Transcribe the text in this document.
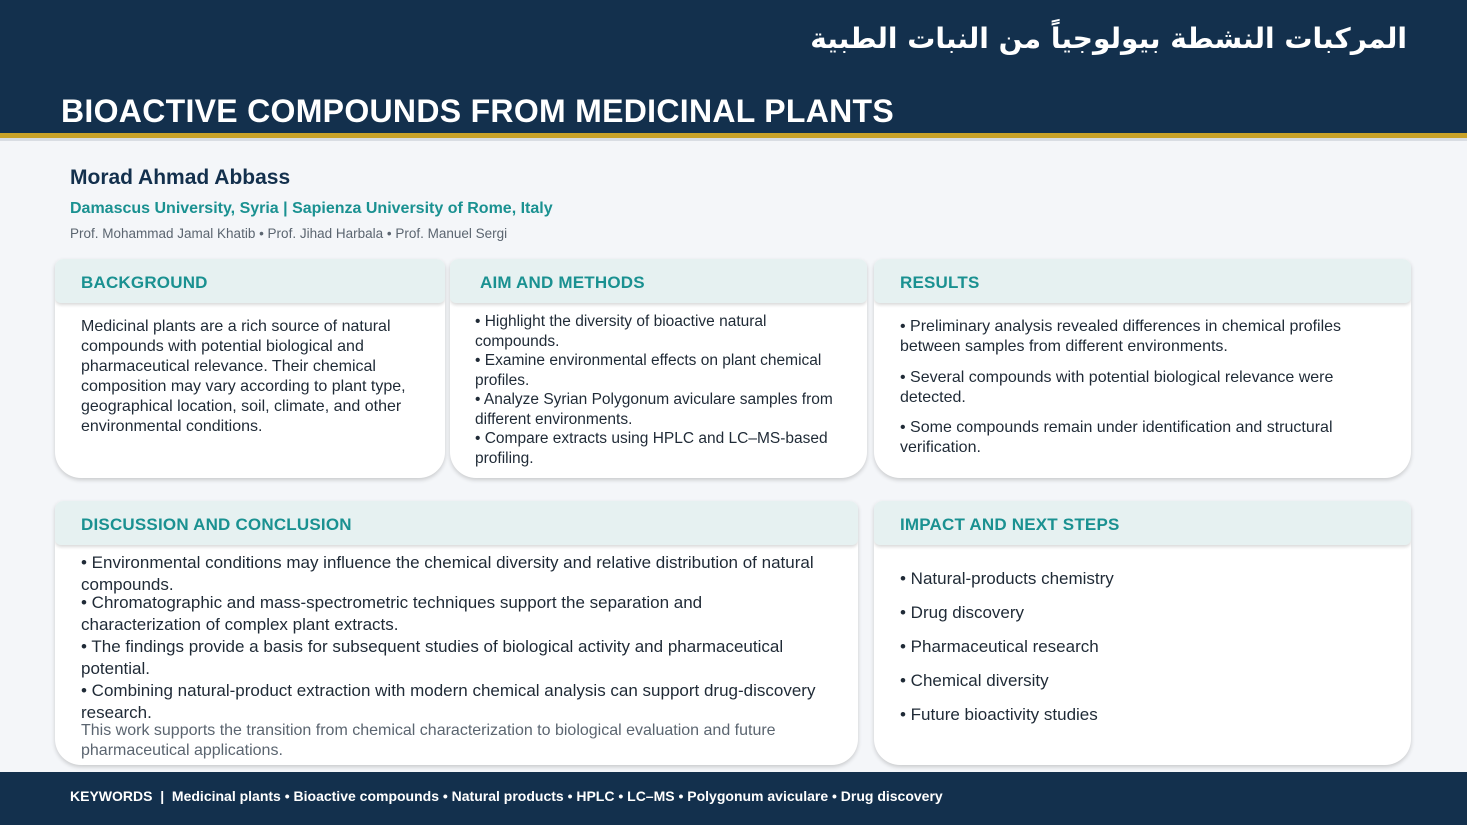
المركبات النشطة بيولوجياً من النبات الطبية
BIOACTIVE COMPOUNDS FROM MEDICINAL PLANTS
Morad Ahmad Abbass
Damascus University, Syria | Sapienza University of Rome, Italy
Prof. Mohammad Jamal Khatib • Prof. Jihad Harbala • Prof. Manuel Sergi
BACKGROUND
Medicinal plants are a rich source of natural compounds with potential biological and pharmaceutical relevance. Their chemical composition may vary according to plant type, geographical location, soil, climate, and other environmental conditions.
AIM AND METHODS
• Highlight the diversity of bioactive natural compounds.
• Examine environmental effects on plant chemical profiles.
• Analyze Syrian Polygonum aviculare samples from different environments.
• Compare extracts using HPLC and LC–MS-based profiling.
RESULTS
• Preliminary analysis revealed differences in chemical profiles between samples from different environments.
• Several compounds with potential biological relevance were detected.
• Some compounds remain under identification and structural verification.
DISCUSSION AND CONCLUSION
• Environmental conditions may influence the chemical diversity and relative distribution of natural compounds.
• Chromatographic and mass-spectrometric techniques support the separation and characterization of complex plant extracts.
• The findings provide a basis for subsequent studies of biological activity and pharmaceutical potential.
• Combining natural-product extraction with modern chemical analysis can support drug-discovery research.
This work supports the transition from chemical characterization to biological evaluation and future pharmaceutical applications.
IMPACT AND NEXT STEPS
• Natural-products chemistry
• Drug discovery
• Pharmaceutical research
• Chemical diversity
• Future bioactivity studies
KEYWORDS  |  Medicinal plants • Bioactive compounds • Natural products • HPLC • LC–MS • Polygonum aviculare • Drug discovery
